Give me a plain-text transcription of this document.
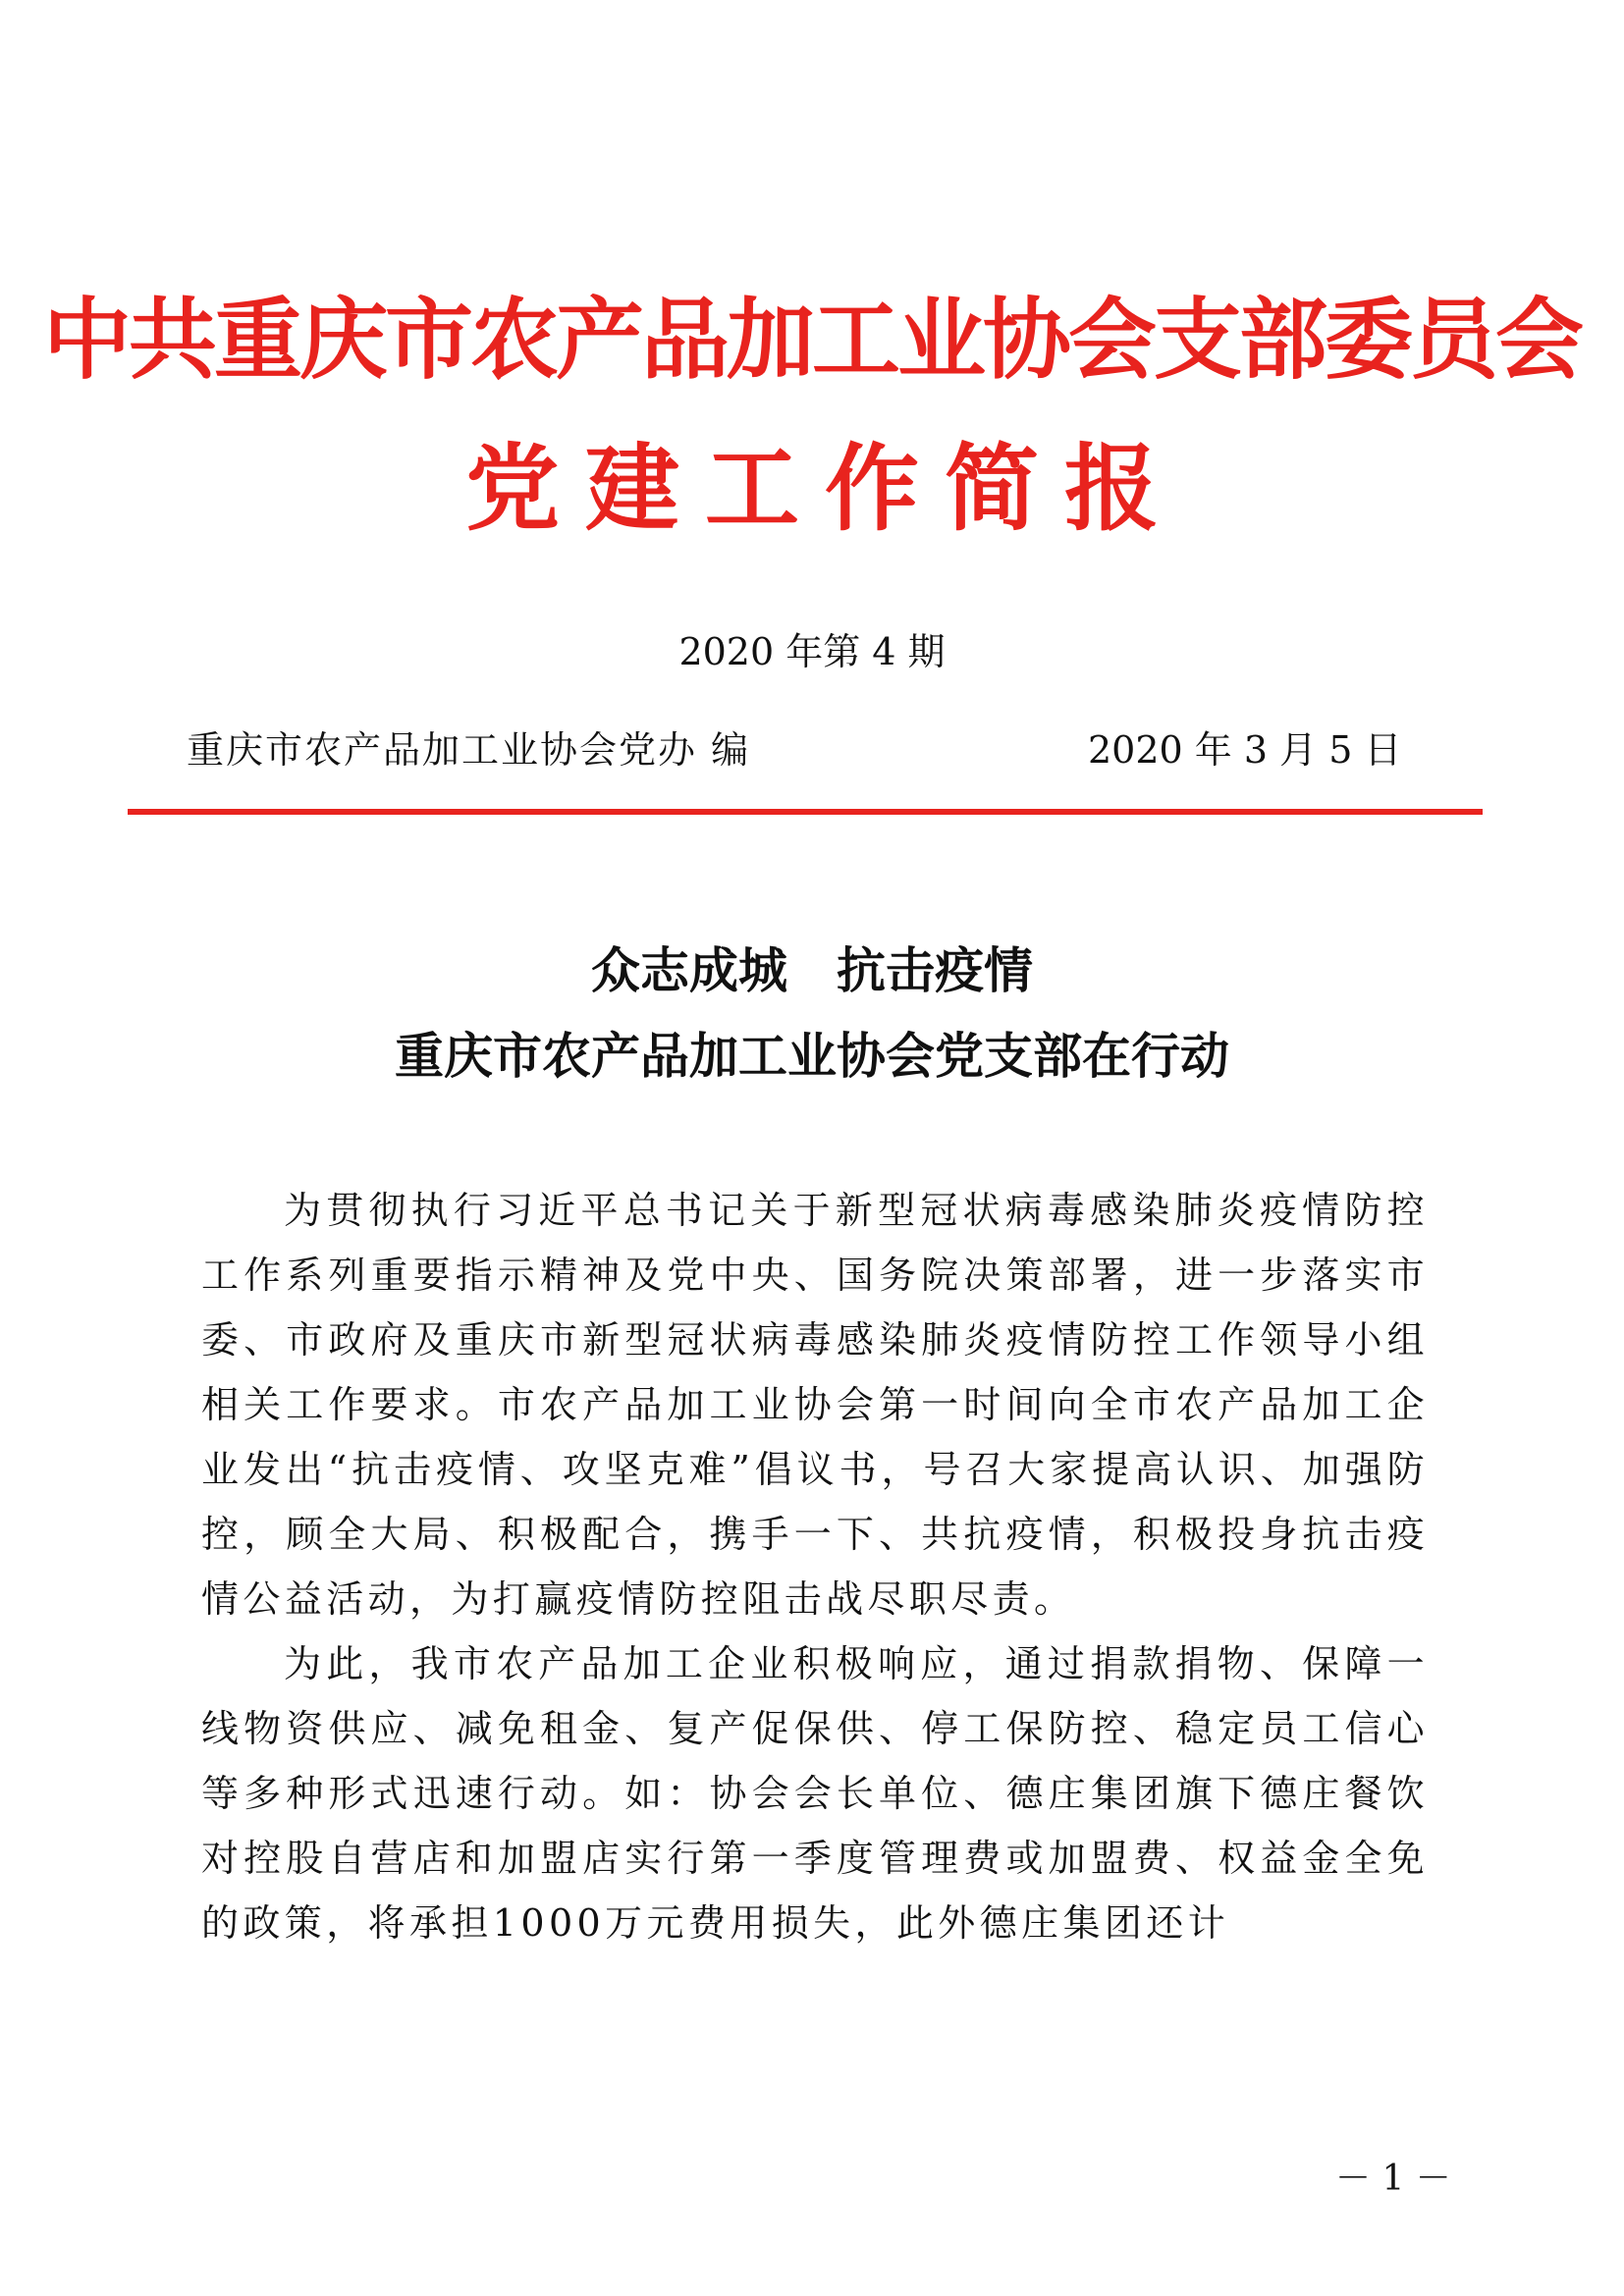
中共重庆市农产品加工业协会支部委员会
党建工作简报
2020 年第 4 期
重庆市农产品加工业协会党办 编	2020 年 3 月 5 日
众志成城　抗击疫情
重庆市农产品加工业协会党支部在行动

为贯彻执行习近平总书记关于新型冠状病毒感染肺炎疫情防控工作系列重要指示精神及党中央、国务院决策部署，进一步落实市委、市政府及重庆市新型冠状病毒感染肺炎疫情防控工作领导小组相关工作要求。市农产品加工业协会第一时间向全市农产品加工企业发出“抗击疫情、攻坚克难”倡议书，号召大家提高认识、加强防控，顾全大局、积极配合，携手一下、共抗疫情，积极投身抗击疫情公益活动，为打赢疫情防控阻击战尽职尽责。

为此，我市农产品加工企业积极响应，通过捐款捐物、保障一线物资供应、减免租金、复产促保供、停工保防控、稳定员工信心等多种形式迅速行动。如：协会会长单位、德庄集团旗下德庄餐饮对控股自营店和加盟店实行第一季度管理费或加盟费、权益金全免的政策，将承担1000万元费用损失，此外德庄集团还计

－ 1 －
